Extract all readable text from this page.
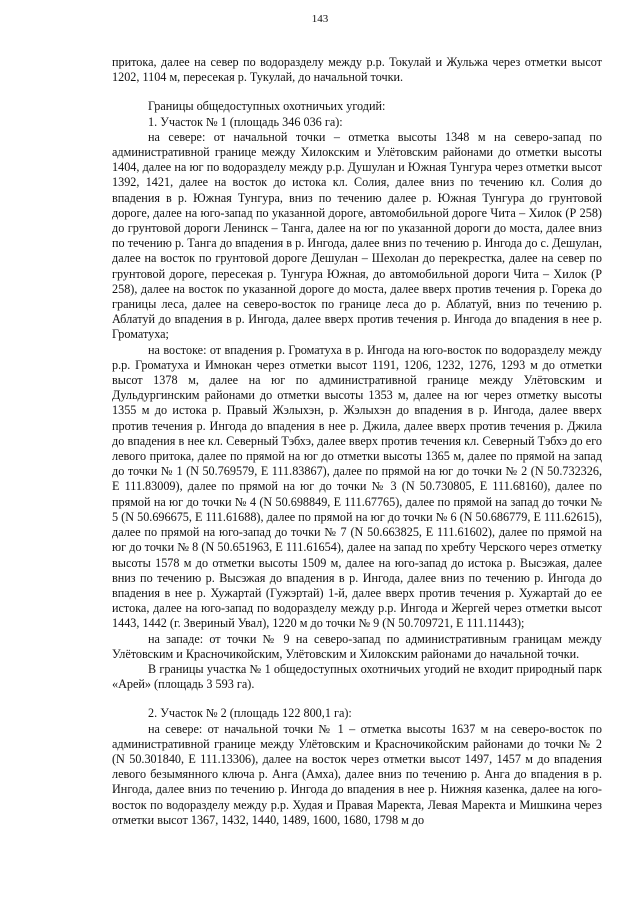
143

притока, далее на север по водоразделу между р.р. Токулай и Жульжа через отметки высот 1202, 1104 м, пересекая р. Тукулай, до начальной точки.

Границы общедоступных охотничьих угодий:

1. Участок № 1 (площадь 346 036 га):

на севере: от начальной точки – отметка высоты 1348 м на северо-запад по административной границе между Хилокским и Улётовским районами до отметки высоты 1404, далее на юг по водоразделу между р.р. Душулан и Южная Тунгура через отметки высот 1392, 1421, далее на восток до истока кл. Солия, далее вниз по течению кл. Солия до впадения в р. Южная Тунгура, вниз по течению далее р. Южная Тунгура до грунтовой дороге, далее на юго-запад по указанной дороге, автомобильной дороге Чита – Хилок (Р 258) до грунтовой дороги Ленинск – Танга, далее на юг по указанной дороги до моста, далее вниз по течению р. Танга до впадения в р. Ингода, далее вниз по течению р. Ингода до с. Дешулан, далее на восток по грунтовой дороге Дешулан – Шехолан до перекрестка, далее на север по грунтовой дороге, пересекая р. Тунгура Южная, до автомобильной дороги Чита – Хилок (Р 258), далее на восток по указанной дороге до моста, далее вверх против течения р. Горека до границы леса, далее на северо-восток по границе леса до р. Аблатуй, вниз по течению р. Аблатуй до впадения в р. Ингода, далее вверх против течения р. Ингода до впадения в нее р. Громатуха;

на востоке: от впадения р. Громатуха в р. Ингода на юго-восток по водоразделу между р.р. Громатуха и Имнокан через отметки высот 1191, 1206, 1232, 1276, 1293 м до отметки высот 1378 м, далее на юг по административной границе между Улётовским и Дульдургинским районами до отметки высоты 1353 м, далее на юг через отметку высоты 1355 м до истока р. Правый Жэлыхэн, р. Жэлыхэн до впадения в р. Ингода, далее вверх против течения р. Ингода до впадения в нее р. Джила, далее вверх против течения р. Джила до впадения в нее кл. Северный Тэбхэ, далее вверх против течения кл. Северный Тэбхэ до его левого притока, далее по прямой на юг до отметки высоты 1365 м, далее по прямой на запад до точки № 1 (N 50.769579, E 111.83867), далее по прямой на юг до точки № 2 (N 50.732326, E 111.83009), далее по прямой на юг до точки № 3 (N 50.730805, E 111.68160), далее по прямой на юг до точки № 4 (N 50.698849, E 111.67765), далее по прямой на запад до точки № 5 (N 50.696675, E 111.61688), далее по прямой на юг до точки № 6 (N 50.686779, E 111.62615), далее по прямой на юго-запад до точки № 7 (N 50.663825, E 111.61602), далее по прямой на юг до точки № 8 (N 50.651963, E 111.61654), далее на запад по хребту Черского через отметку высоты 1578 м до отметки высоты 1509 м, далее на юго-запад до истока р. Высэжая, далее вниз по течению р. Высэжая до впадения в р. Ингода, далее вниз по течению р. Ингода до впадения в нее р. Хужартай (Гужэртай) 1-й, далее вверх против течения р. Хужартай до ее истока, далее на юго-запад по водоразделу между р.р. Ингода и Жергей через отметки высот 1443, 1442 (г. Звериный Увал), 1220 м до точки № 9 (N 50.709721, E 111.11443);

на западе: от точки № 9 на северо-запад по административным границам между Улётовским и Красночикойским, Улётовским и Хилокским районами до начальной точки.

В границы участка № 1 общедоступных охотничьих угодий не входит природный парк «Арей» (площадь 3 593 га).

2. Участок № 2 (площадь 122 800,1 га):

на севере: от начальной точки № 1 – отметка высоты 1637 м на северо-восток по административной границе между Улётовским и Красночикойским районами до точки № 2 (N 50.301840, E 111.13306), далее на восток через отметки высот 1497, 1457 м до впадения левого безымянного ключа р. Анга (Амха), далее вниз по течению р. Анга до впадения в р. Ингода, далее вниз по течению р. Ингода до впадения в нее р. Нижняя казенка, далее на юго-восток по водоразделу между р.р. Худая и Правая Маректа, Левая Маректа и Мишкина через отметки высот 1367, 1432, 1440, 1489, 1600, 1680, 1798 м до
